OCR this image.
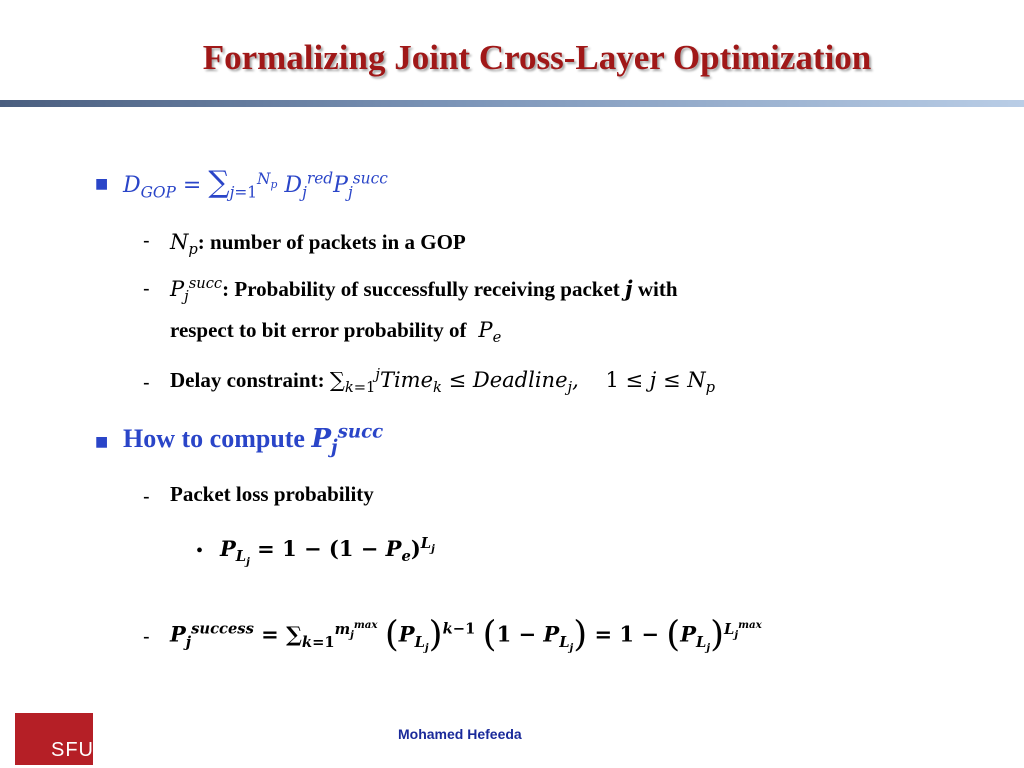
Formalizing Joint Cross-Layer Optimization
■ $D_{GOP} = \sum_{j=1}^{N_p}$ $D_j^{red}P_j^{succ}$
- $N_p$: number of packets in a GOP
- $P_j^{succ}$: Probability of successfully receiving packet j with
respect to bit error probability of  $P_e$
- Delay constraint: $\sum_{k=1}^jTime_k$ ≤ Deadline$_j$,    $1 \le j \le N_p$
■ How to compute $P_j^{succ}$
- Packet loss probability
• $P_{L_j} = 1 - (1 - P_e)^{L_j}$
- $P_j^{success} = \sum_{k=1}^{m_j^{max}}$ $(P_{L_j})^{k-1}$ $(1 - P_{L_j}) = 1 - (P_{L_j})^{L_j^{max}}$
SFU
Mohamed Hefeeda
